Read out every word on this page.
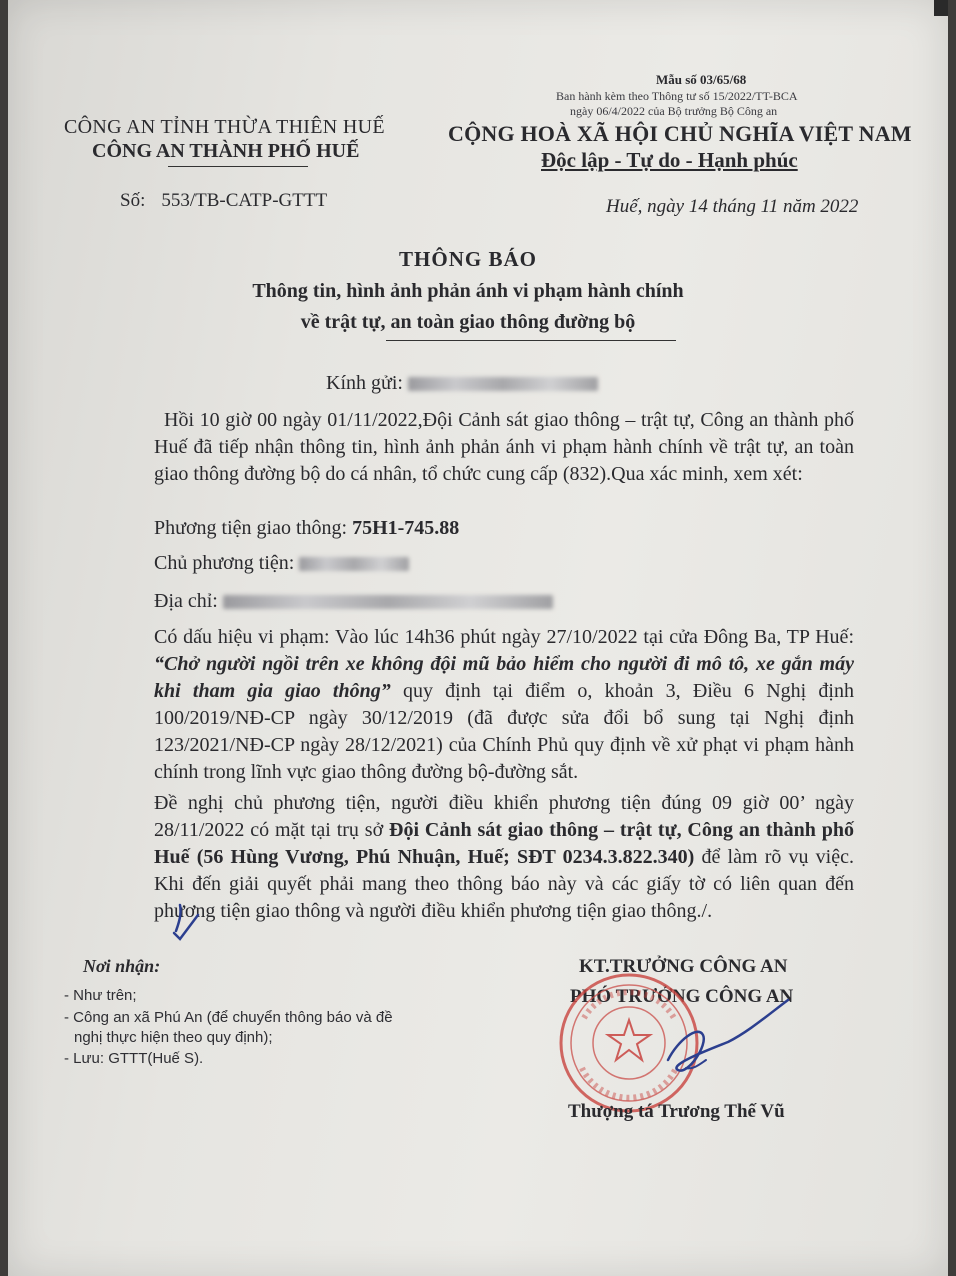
Mẫu số 03/65/68
Ban hành kèm theo Thông tư số 15/2022/TT-BCA
ngày 06/4/2022 của Bộ trưởng Bộ Công an
CÔNG AN TỈNH THỪA THIÊN HUẾ
CÔNG AN THÀNH PHỐ HUẾ
CỘNG HOÀ XÃ HỘI CHỦ NGHĨA VIỆT NAM
Độc lập - Tự do - Hạnh phúc
Số: 553/TB-CATP-GTTT	Huế, ngày 14 tháng 11 năm 2022
THÔNG BÁO
Thông tin, hình ảnh phản ánh vi phạm hành chính
về trật tự, an toàn giao thông đường bộ
Kính gửi:
Hồi 10 giờ 00 ngày 01/11/2022,Đội Cảnh sát giao thông – trật tự, Công an thành phố Huế đã tiếp nhận thông tin, hình ảnh phản ánh vi phạm hành chính về trật tự, an toàn giao thông đường bộ do cá nhân, tổ chức cung cấp (832).Qua xác minh, xem xét:
Phương tiện giao thông: 75H1-745.88
Chủ phương tiện:
Địa chỉ:
Có dấu hiệu vi phạm: Vào lúc 14h36 phút ngày 27/10/2022 tại cửa Đông Ba, TP Huế: “Chở người ngồi trên xe không đội mũ bảo hiểm cho người đi mô tô, xe gắn máy khi tham gia giao thông” quy định tại điểm o, khoản 3, Điều 6 Nghị định 100/2019/NĐ-CP ngày 30/12/2019 (đã được sửa đổi bổ sung tại Nghị định 123/2021/NĐ-CP ngày 28/12/2021) của Chính Phủ quy định về xử phạt vi phạm hành chính trong lĩnh vực giao thông đường bộ-đường sắt.
Đề nghị chủ phương tiện, người điều khiển phương tiện đúng 09 giờ 00’ ngày 28/11/2022 có mặt tại trụ sở Đội Cảnh sát giao thông – trật tự, Công an thành phố Huế (56 Hùng Vương, Phú Nhuận, Huế; SĐT 0234.3.822.340) để làm rõ vụ việc. Khi đến giải quyết phải mang theo thông báo này và các giấy tờ có liên quan đến phương tiện giao thông và người điều khiển phương tiện giao thông./.
Nơi nhận:
- Như trên;
- Công an xã Phú An (để chuyển thông báo và đề
nghị thực hiện theo quy định);
- Lưu: GTTT(Huế S).
KT.TRƯỞNG CÔNG AN
PHÓ TRƯỞNG CÔNG AN
Thượng tá Trương Thế Vũ
